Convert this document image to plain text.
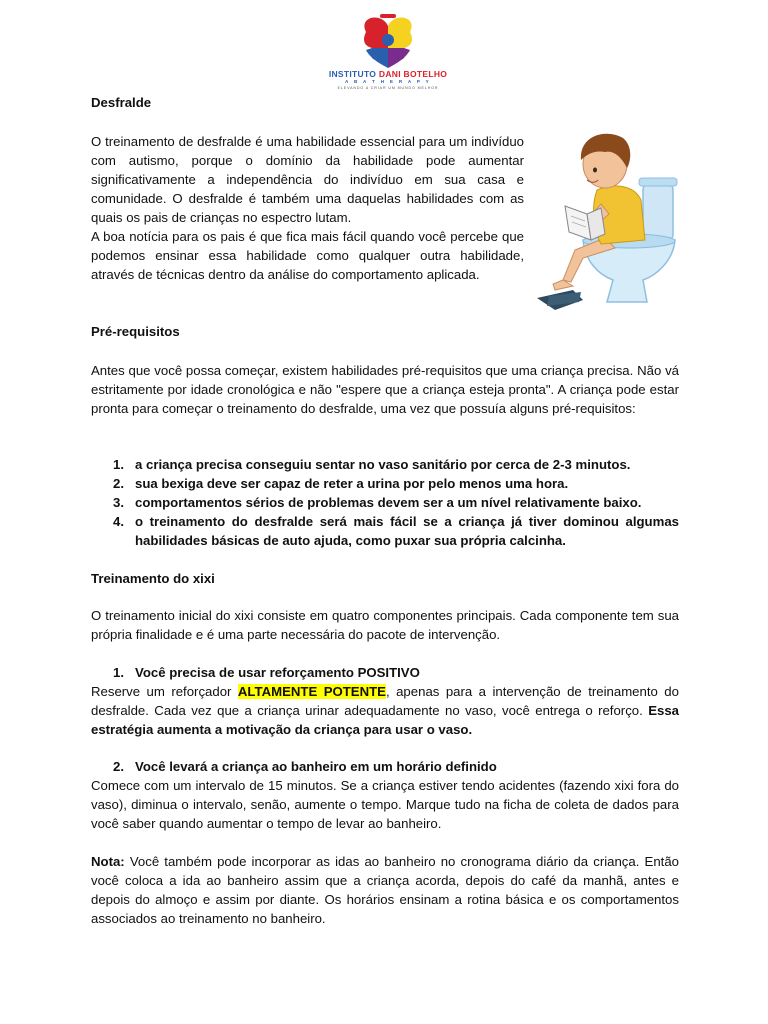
INSTITUTO DANI BOTELHO
A B A T H E R A P Y
ELEVANDO A CRIAR UM MUNDO MELHOR
Desfralde

O treinamento de desfralde é uma habilidade essencial para um indivíduo com autismo, porque o domínio da habilidade pode aumentar significativamente a independência do indivíduo em sua casa e comunidade. O desfralde é também uma daquelas habilidades com as quais os pais de crianças no espectro lutam.

A boa notícia para os pais é que fica mais fácil quando você percebe que podemos ensinar essa habilidade como qualquer outra habilidade, através de técnicas dentro da análise do comportamento aplicada.

Pré-requisitos

Antes que você possa começar, existem habilidades pré-requisitos que uma criança precisa. Não vá estritamente por idade cronológica e não "espere que a criança esteja pronta". A criança pode estar pronta para começar o treinamento do desfralde, uma vez que possuía alguns pré-requisitos:

1. a criança precisa conseguiu sentar no vaso sanitário por cerca de 2-3 minutos.
2. sua bexiga deve ser capaz de reter a urina por pelo menos uma hora.
3. comportamentos sérios de problemas devem ser a um nível relativamente baixo.
4. o treinamento do desfralde será mais fácil se a criança já tiver dominou algumas habilidades básicas de auto ajuda, como puxar sua própria calcinha.
Treinamento do xixi

O treinamento inicial do xixi consiste em quatro componentes principais. Cada componente tem sua própria finalidade e é uma parte necessária do pacote de intervenção.

1. Você precisa de usar reforçamento POSITIVO

Reserve um reforçador ALTAMENTE POTENTE, apenas para a intervenção de treinamento do desfralde. Cada vez que a criança urinar adequadamente no vaso, você entrega o reforço. Essa estratégia aumenta a motivação da criança para usar o vaso.

2. Você levará a criança ao banheiro em um horário definido

Comece com um intervalo de 15 minutos. Se a criança estiver tendo acidentes (fazendo xixi fora do vaso), diminua o intervalo, senão, aumente o tempo. Marque tudo na ficha de coleta de dados para você saber quando aumentar o tempo de levar ao banheiro.

Nota: Você também pode incorporar as idas ao banheiro no cronograma diário da criança. Então você coloca a ida ao banheiro assim que a criança acorda, depois do café da manhã, antes e depois do almoço e assim por diante. Os horários ensinam a rotina básica e os comportamentos associados ao treinamento no banheiro.
